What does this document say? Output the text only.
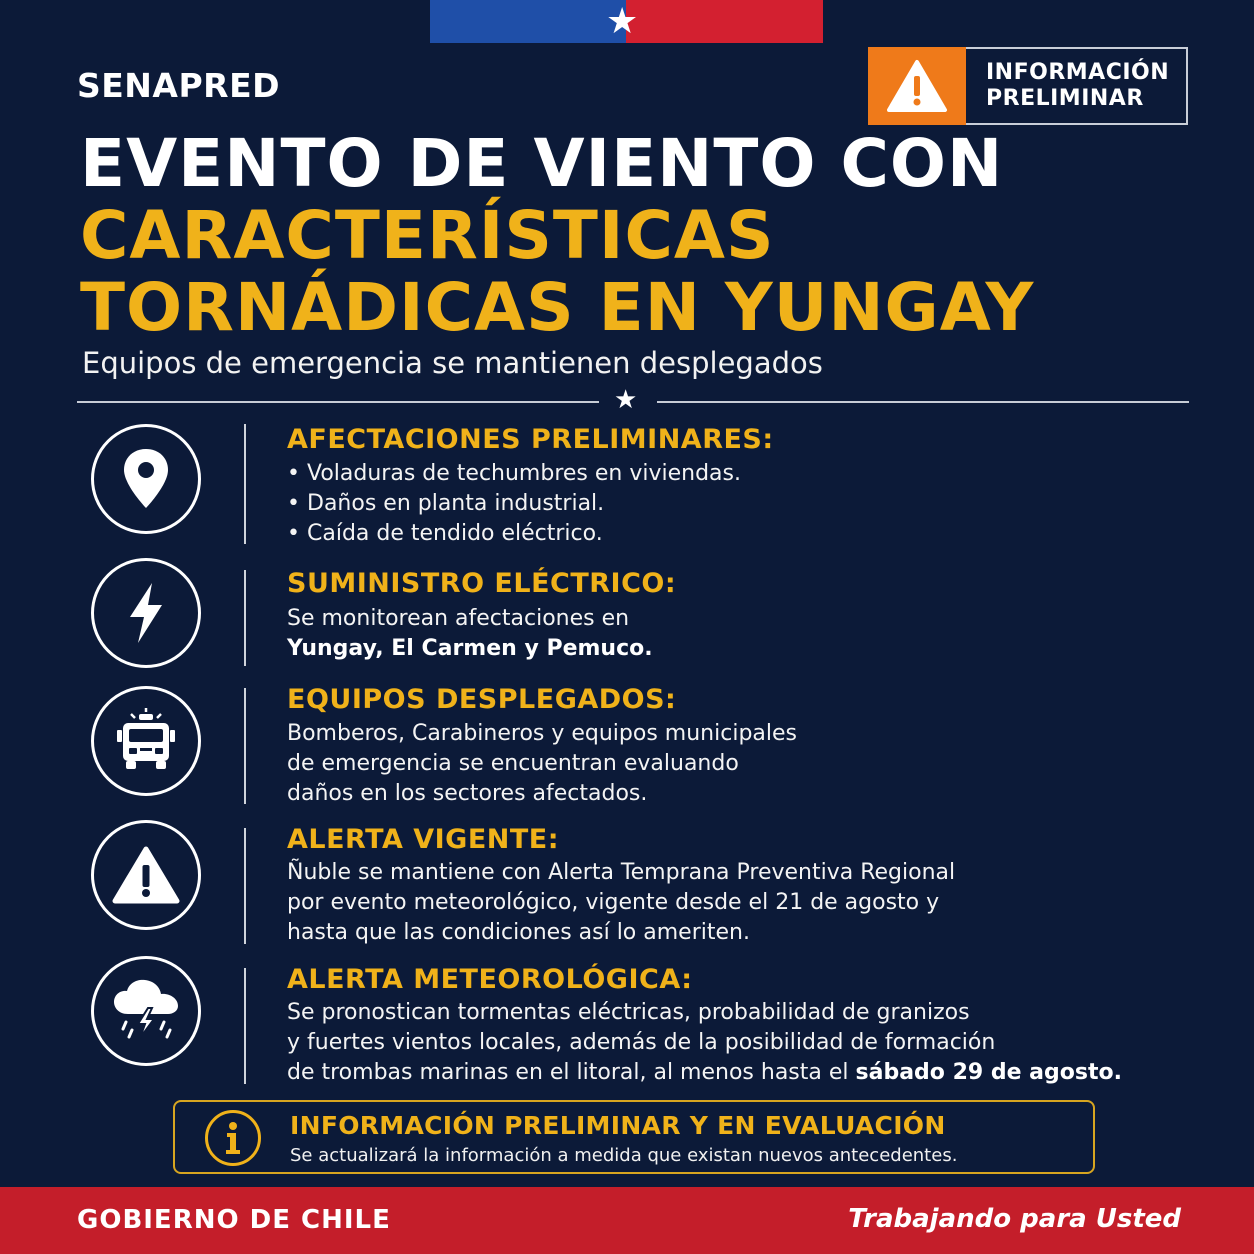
★
SENAPRED	INFORMACIÓN
PRELIMINAR
EVENTO DE VIENTO CON
CARACTERÍSTICAS
TORNÁDICAS EN YUNGAY
Equipos de emergencia se mantienen desplegados
★
AFECTACIONES PRELIMINARES:
• Voladuras de techumbres en viviendas.
• Daños en planta industrial.
• Caída de tendido eléctrico.
SUMINISTRO ELÉCTRICO:
Se monitorean afectaciones en
Yungay, El Carmen y Pemuco.
EQUIPOS DESPLEGADOS:
Bomberos, Carabineros y equipos municipales
de emergencia se encuentran evaluando
daños en los sectores afectados.
ALERTA VIGENTE:
Ñuble se mantiene con Alerta Temprana Preventiva Regional
por evento meteorológico, vigente desde el 21 de agosto y
hasta que las condiciones así lo ameriten.
ALERTA METEOROLÓGICA:
Se pronostican tormentas eléctricas, probabilidad de granizos
y fuertes vientos locales, además de la posibilidad de formación
de trombas marinas en el litoral, al menos hasta el sábado 29 de agosto.
INFORMACIÓN PRELIMINAR Y EN EVALUACIÓN
Se actualizará la información a medida que existan nuevos antecedentes.
GOBIERNO DE CHILE	Trabajando para Usted
